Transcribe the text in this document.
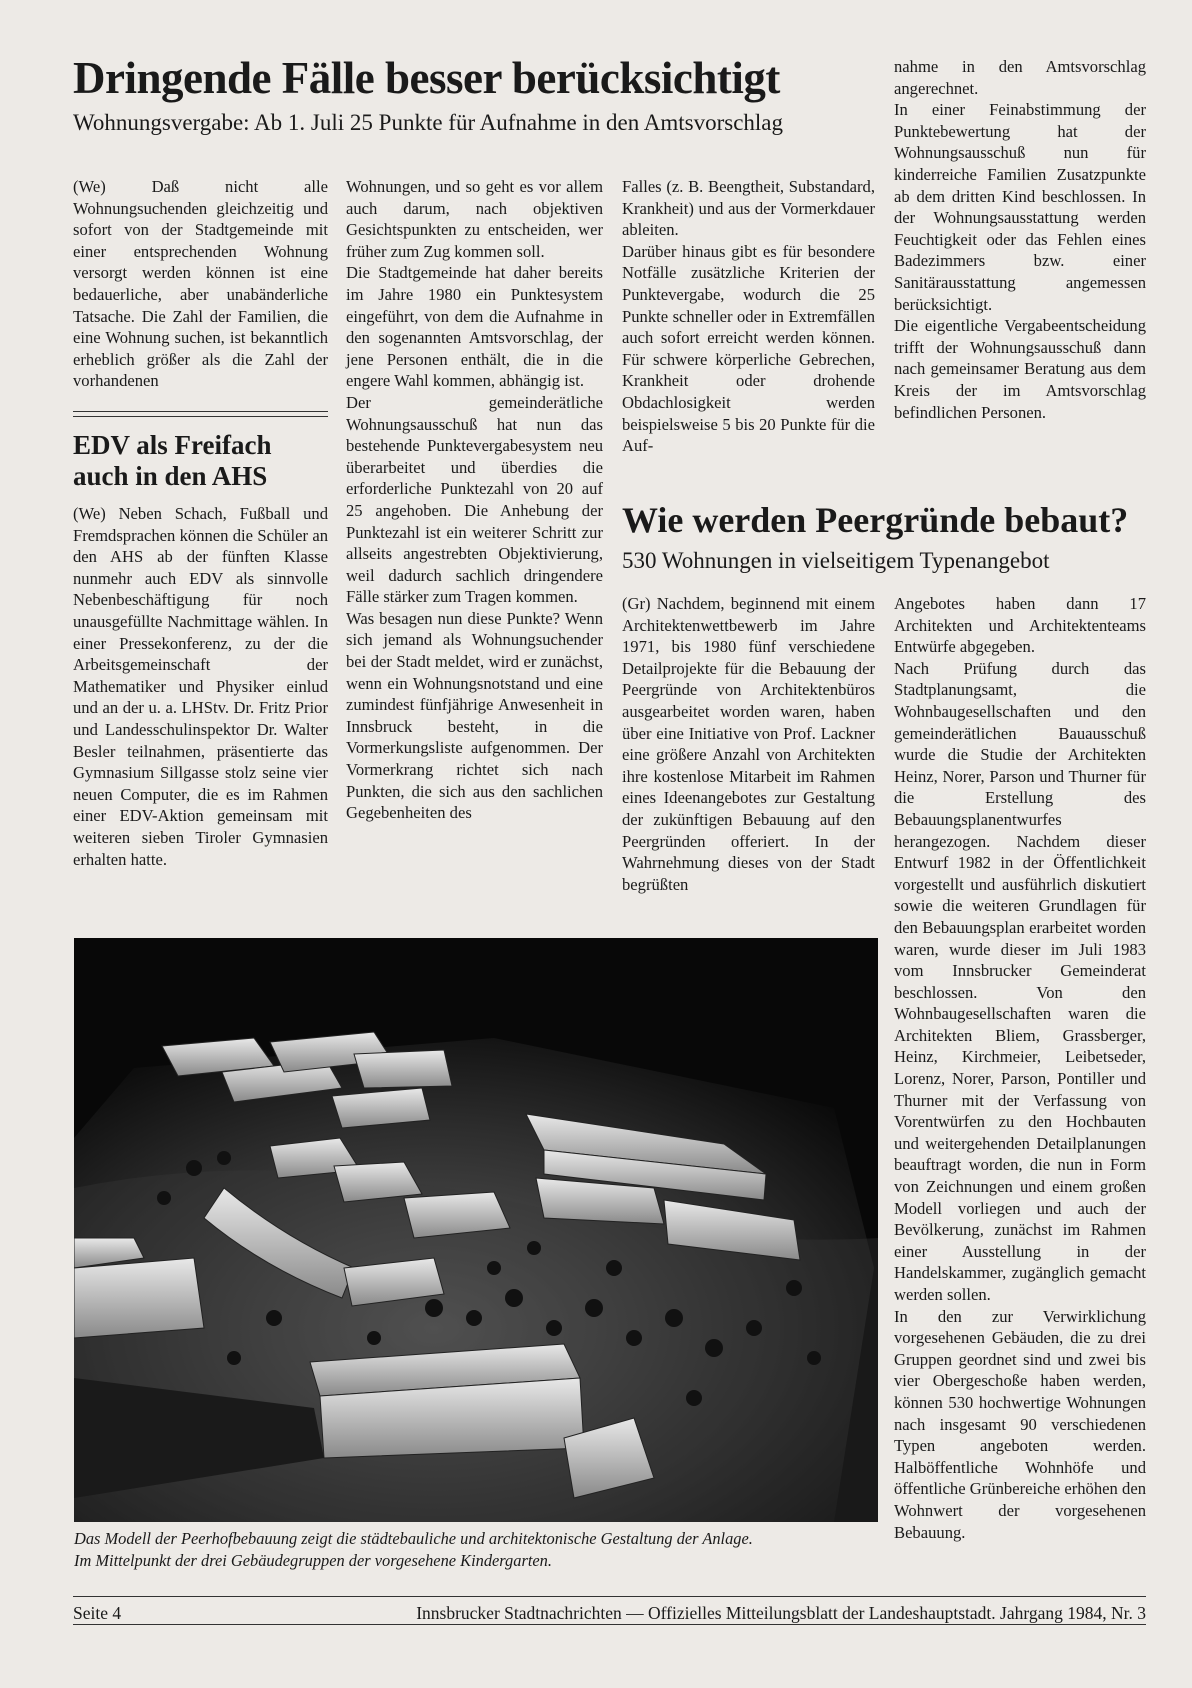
Dringende Fälle besser berücksichtigt
Wohnungsvergabe: Ab 1. Juli 25 Punkte für Aufnahme in den Amtsvorschlag

(We) Daß nicht alle Wohnungsuchenden gleichzeitig und sofort von der Stadtgemeinde mit einer entsprechenden Wohnung versorgt werden können ist eine bedauerliche, aber unabänderliche Tatsache. Die Zahl der Familien, die eine Wohnung suchen, ist bekanntlich erheblich größer als die Zahl der vorhandenen

EDV als Freifach
auch in den AHS

(We) Neben Schach, Fußball und Fremdsprachen können die Schüler an den AHS ab der fünften Klasse nunmehr auch EDV als sinnvolle Nebenbeschäftigung für noch unausgefüllte Nachmittage wählen. In einer Pressekonferenz, zu der die Arbeitsgemeinschaft der Mathematiker und Physiker einlud und an der u. a. LHStv. Dr. Fritz Prior und Landesschulinspektor Dr. Walter Besler teilnahmen, präsentierte das Gymnasium Sillgasse stolz seine vier neuen Computer, die es im Rahmen einer EDV-Aktion gemeinsam mit weiteren sieben Tiroler Gymnasien erhalten hatte.

Wohnungen, und so geht es vor allem auch darum, nach objektiven Gesichtspunkten zu entscheiden, wer früher zum Zug kommen soll.

Die Stadtgemeinde hat daher bereits im Jahre 1980 ein Punktesystem eingeführt, von dem die Aufnahme in den sogenannten Amtsvorschlag, der jene Personen enthält, die in die engere Wahl kommen, abhängig ist.

Der gemeinderätliche Wohnungsausschuß hat nun das bestehende Punktevergabesystem neu überarbeitet und überdies die erforderliche Punktezahl von 20 auf 25 angehoben. Die Anhebung der Punktezahl ist ein weiterer Schritt zur allseits angestrebten Objektivierung, weil dadurch sachlich dringendere Fälle stärker zum Tragen kommen.

Was besagen nun diese Punkte? Wenn sich jemand als Wohnungsuchender bei der Stadt meldet, wird er zunächst, wenn ein Wohnungsnotstand und eine zumindest fünfjährige Anwesenheit in Innsbruck besteht, in die Vormerkungsliste aufgenommen. Der Vormerkrang richtet sich nach Punkten, die sich aus den sachlichen Gegebenheiten des

Falles (z. B. Beengtheit, Substandard, Krankheit) und aus der Vormerkdauer ableiten.

Darüber hinaus gibt es für besondere Notfälle zusätzliche Kriterien der Punktevergabe, wodurch die 25 Punkte schneller oder in Extremfällen auch sofort erreicht werden können. Für schwere körperliche Gebrechen, Krankheit oder drohende Obdachlosigkeit werden beispielsweise 5 bis 20 Punkte für die Auf-

nahme in den Amtsvorschlag angerechnet.

In einer Feinabstimmung der Punktebewertung hat der Wohnungsausschuß nun für kinderreiche Familien Zusatzpunkte ab dem dritten Kind beschlossen. In der Wohnungsausstattung werden Feuchtigkeit oder das Fehlen eines Badezimmers bzw. einer Sanitärausstattung angemessen berücksichtigt.

Die eigentliche Vergabeentscheidung trifft der Wohnungsausschuß dann nach gemeinsamer Beratung aus dem Kreis der im Amtsvorschlag befindlichen Personen.

Wie werden Peergründe bebaut?
530 Wohnungen in vielseitigem Typenangebot

(Gr) Nachdem, beginnend mit einem Architektenwettbewerb im Jahre 1971, bis 1980 fünf verschiedene Detailprojekte für die Bebauung der Peergründe von Architektenbüros ausgearbeitet worden waren, haben über eine Initiative von Prof. Lackner eine größere Anzahl von Architekten ihre kostenlose Mitarbeit im Rahmen eines Ideenangebotes zur Gestaltung der zukünftigen Bebauung auf den Peergründen offeriert. In der Wahrnehmung dieses von der Stadt begrüßten

Angebotes haben dann 17 Architekten und Architektenteams Entwürfe abgegeben.

Nach Prüfung durch das Stadtplanungsamt, die Wohnbaugesellschaften und den gemeinderätlichen Bauausschuß wurde die Studie der Architekten Heinz, Norer, Parson und Thurner für die Erstellung des Bebauungsplanentwurfes herangezogen. Nachdem dieser Entwurf 1982 in der Öffentlichkeit vorgestellt und ausführlich diskutiert sowie die weiteren Grundlagen für den Bebauungsplan erarbeitet worden waren, wurde dieser im Juli 1983 vom Innsbrucker Gemeinderat beschlossen. Von den Wohnbaugesellschaften waren die Architekten Bliem, Grassberger, Heinz, Kirchmeier, Leibetseder, Lorenz, Norer, Parson, Pontiller und Thurner mit der Verfassung von Vorentwürfen zu den Hochbauten und weitergehenden Detailplanungen beauftragt worden, die nun in Form von Zeichnungen und einem großen Modell vorliegen und auch der Bevölkerung, zunächst im Rahmen einer Ausstellung in der Handelskammer, zugänglich gemacht werden sollen.

In den zur Verwirklichung vorgesehenen Gebäuden, die zu drei Gruppen geordnet sind und zwei bis vier Obergeschoße haben werden, können 530 hochwertige Wohnungen nach insgesamt 90 verschiedenen Typen angeboten werden. Halböffentliche Wohnhöfe und öffentliche Grünbereiche erhöhen den Wohnwert der vorgesehenen Bebauung.

Das Modell der Peerhofbebauung zeigt die städtebauliche und architektonische Gestaltung der Anlage.
Im Mittelpunkt der drei Gebäudegruppen der vorgesehene Kindergarten.
Seite 4	Innsbrucker Stadtnachrichten — Offizielles Mitteilungsblatt der Landeshauptstadt. Jahrgang 1984, Nr. 3
